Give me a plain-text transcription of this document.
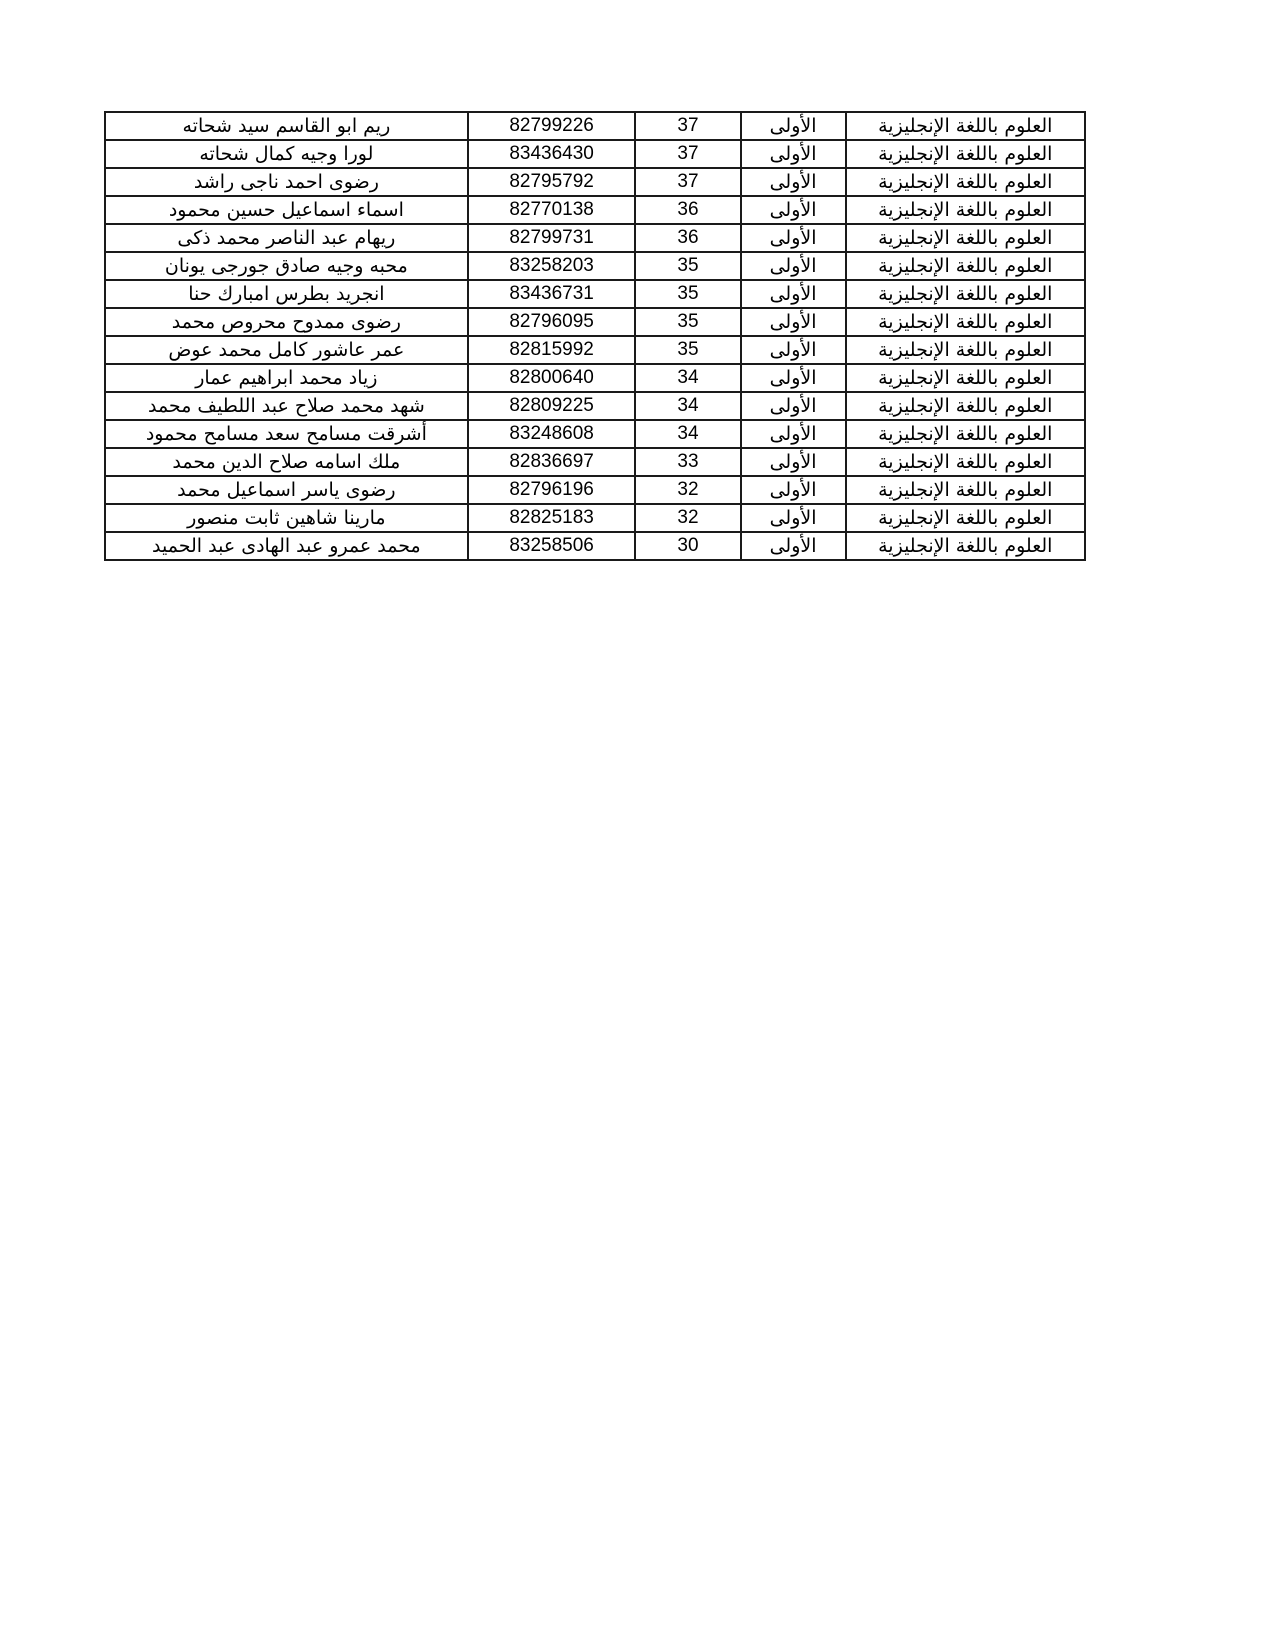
العلوم باللغة الإنجليزية	الأولى	37	82799226	ريم ابو القاسم سيد شحاته
العلوم باللغة الإنجليزية	الأولى	37	83436430	لورا وجيه كمال شحاته
العلوم باللغة الإنجليزية	الأولى	37	82795792	رضوى احمد ناجى راشد
العلوم باللغة الإنجليزية	الأولى	36	82770138	اسماء اسماعيل حسين محمود
العلوم باللغة الإنجليزية	الأولى	36	82799731	ريهام عبد الناصر محمد ذكى
العلوم باللغة الإنجليزية	الأولى	35	83258203	محبه وجيه صادق جورجى يونان
العلوم باللغة الإنجليزية	الأولى	35	83436731	انجريد بطرس امبارك حنا
العلوم باللغة الإنجليزية	الأولى	35	82796095	رضوى ممدوح محروص محمد
العلوم باللغة الإنجليزية	الأولى	35	82815992	عمر عاشور كامل محمد عوض
العلوم باللغة الإنجليزية	الأولى	34	82800640	زياد محمد ابراهيم عمار
العلوم باللغة الإنجليزية	الأولى	34	82809225	شهد محمد صلاح عبد اللطيف محمد
العلوم باللغة الإنجليزية	الأولى	34	83248608	أشرقت مسامح سعد مسامح محمود
العلوم باللغة الإنجليزية	الأولى	33	82836697	ملك اسامه صلاح الدين محمد
العلوم باللغة الإنجليزية	الأولى	32	82796196	رضوى ياسر اسماعيل محمد
العلوم باللغة الإنجليزية	الأولى	32	82825183	مارينا شاهين ثابت منصور
العلوم باللغة الإنجليزية	الأولى	30	83258506	محمد عمرو عبد الهادى عبد الحميد
